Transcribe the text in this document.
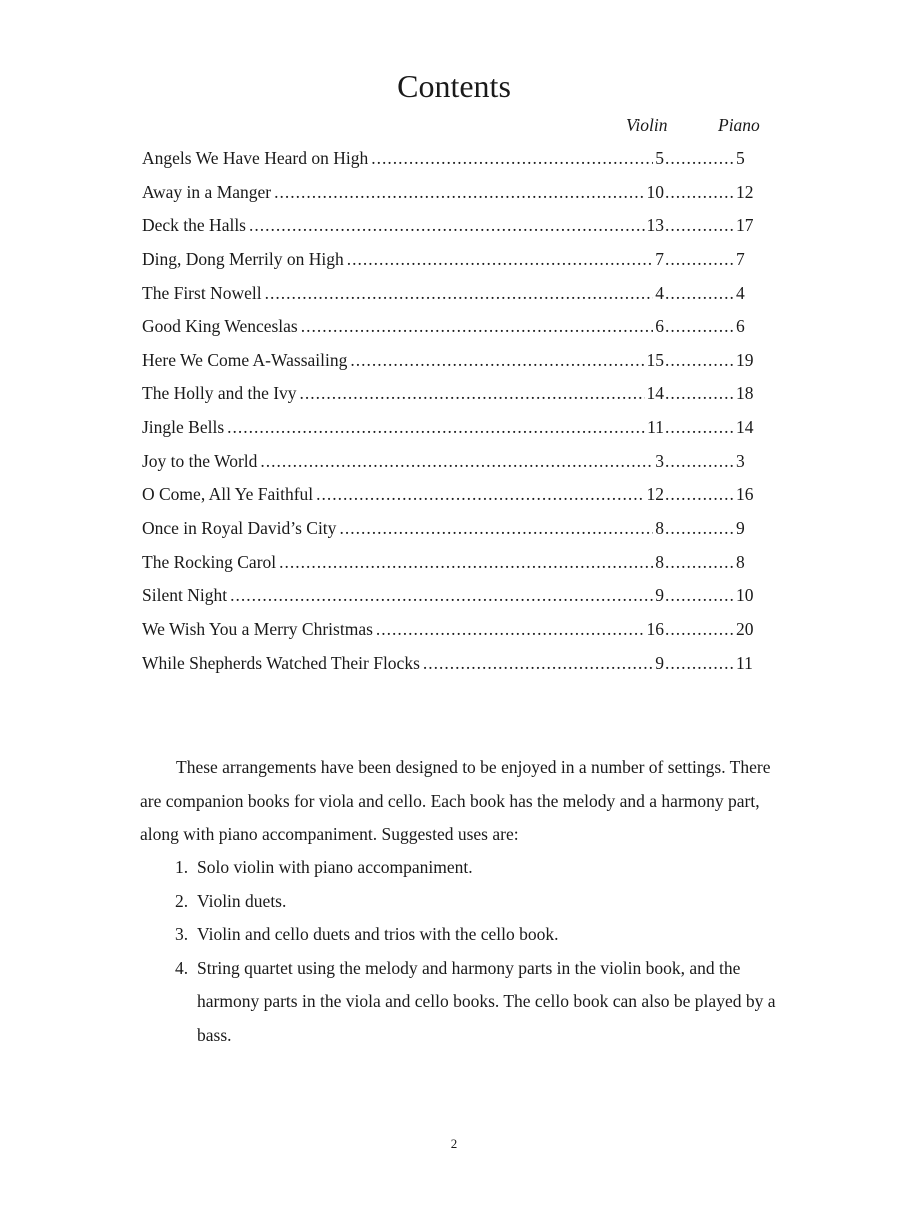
Contents
Violin	Piano
Angels We Have Heard on High .....	5 .....	5
Away in a Manger .....	10 .....	12
Deck the Halls .....	13 .....	17
Ding, Dong Merrily on High .....	7 .....	7
The First Nowell .....	4 .....	4
Good King Wenceslas .....	6 .....	6
Here We Come A-Wassailing .....	15 .....	19
The Holly and the Ivy .....	14 .....	18
Jingle Bells .....	11 .....	14
Joy to the World .....	3 .....	3
O Come, All Ye Faithful .....	12 .....	16
Once in Royal David’s City .....	8 .....	9
The Rocking Carol .....	8 .....	8
Silent Night .....	9 .....	10
We Wish You a Merry Christmas .....	16 .....	20
While Shepherds Watched Their Flocks .....	9 .....	11

These arrangements have been designed to be enjoyed in a number of settings. There are companion books for viola and cello. Each book has the melody and a harmony part, along with piano accompaniment. Suggested uses are:

1. Solo violin with piano accompaniment.
2. Violin duets.
3. Violin and cello duets and trios with the cello book.
4. String quartet using the melody and harmony parts in the violin book, and the harmony parts in the viola and cello books. The cello book can also be played by a bass.
2
